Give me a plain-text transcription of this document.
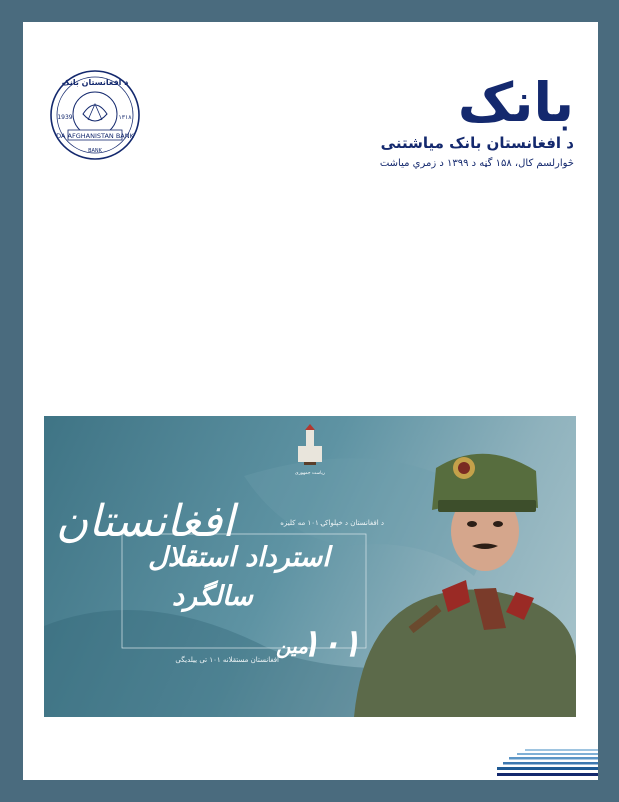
DA AFGHANISTAN BANK
1939	۱۳۱۸
د افغانستان بانک
BANK
بانک
د افغانستان بانک میاشتنی
څوارلسم کال، ۱۵۸ گڼه د ۱۳۹۹ د زمري میاشت
ریاست جمهوری
افغانستان	د افغانستان د خپلواکۍ ۱۰۱ مه کلیزه
استرداد استقلال
سالگرد
۱۰۱
مین
افغانستان مستقلانه ۱۰۱ تی ییلدیگی
